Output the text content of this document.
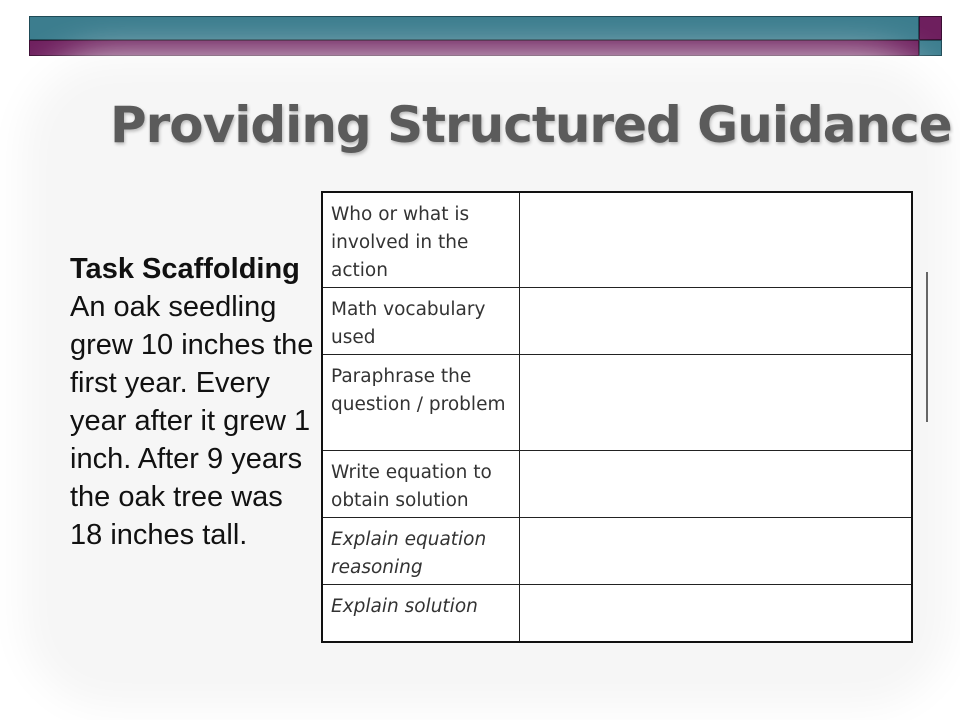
Providing Structured Guidance
Task Scaffolding
An oak seedling grew 10 inches the first year. Every year after it grew 1 inch. After 9 years the oak tree was 18 inches tall.
Who or what is involved in the action	
Math vocabulary used	
Paraphrase the question / problem	
Write equation to obtain solution	
Explain equation reasoning	
Explain solution	
